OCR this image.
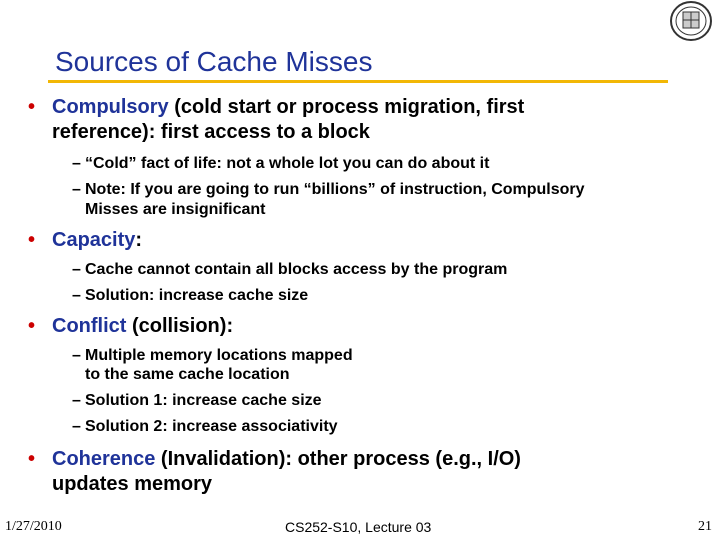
Sources of Cache Misses
• Compulsory (cold start or process migration, first
reference): first access to a block
– “Cold” fact of life: not a whole lot you can do about it
– Note: If you are going to run “billions” of instruction, Compulsory
Misses are insignificant
• Capacity:
– Cache cannot contain all blocks access by the program
– Solution: increase cache size
• Conflict (collision):
– Multiple memory locations mapped
to the same cache location
– Solution 1: increase cache size
– Solution 2: increase associativity
• Coherence (Invalidation): other process (e.g., I/O)
updates memory
1/27/2010	CS252-S10, Lecture 03	21
